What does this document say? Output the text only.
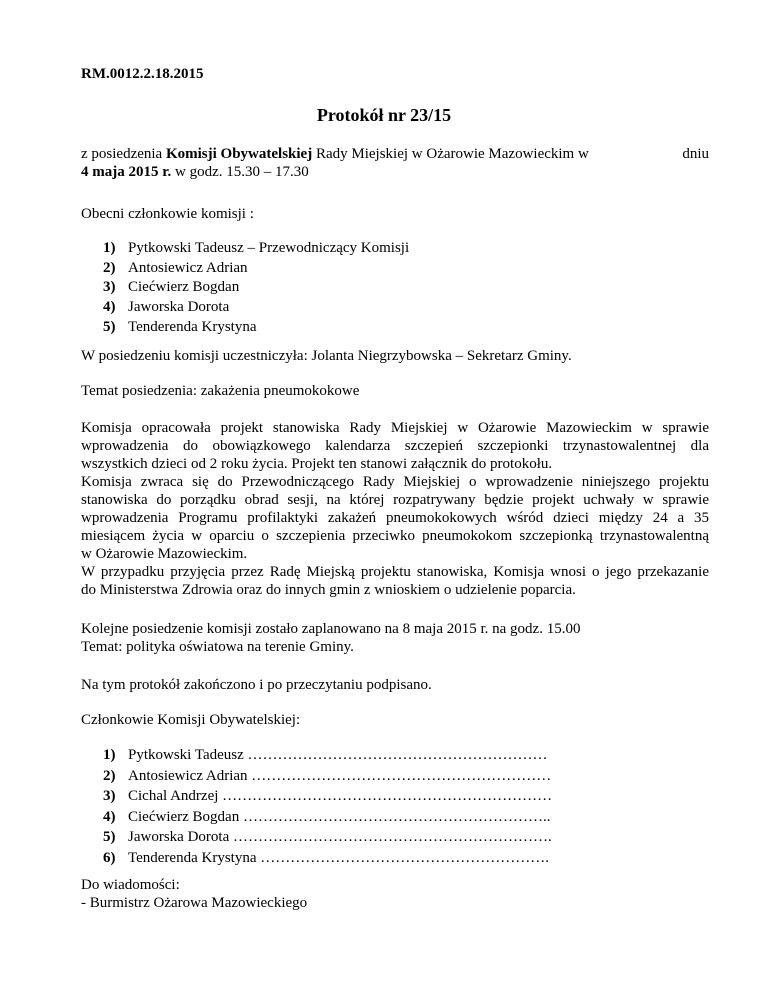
RM.0012.2.18.2015
Protokół nr 23/15
z posiedzenia Komisji Obywatelskiej Rady Miejskiej w Ożarowie Mazowieckim w	dniu
4 maja 2015 r. w godz. 15.30 – 17.30
Obecni członkowie komisji :
1) Pytkowski Tadeusz – Przewodniczący Komisji
2) Antosiewicz Adrian
3) Ciećwierz Bogdan
4) Jaworska Dorota
5) Tenderenda Krystyna
W posiedzeniu komisji uczestniczyła: Jolanta Niegrzybowska – Sekretarz Gminy.
Temat posiedzenia: zakażenia pneumokokowe
Komisja opracowała projekt stanowiska Rady Miejskiej w Ożarowie Mazowieckim w sprawie
wprowadzenia do obowiązkowego kalendarza szczepień szczepionki trzynastowalentnej dla
wszystkich dzieci od 2 roku życia. Projekt ten stanowi załącznik do protokołu.
Komisja zwraca się do Przewodniczącego Rady Miejskiej o wprowadzenie niniejszego projektu
stanowiska do porządku obrad sesji, na której rozpatrywany będzie projekt uchwały w sprawie
wprowadzenia Programu profilaktyki zakażeń pneumokokowych wśród dzieci między 24 a 35
miesiącem życia w oparciu o szczepienia przeciwko pneumokokom szczepionką trzynastowalentną
w Ożarowie Mazowieckim.
W przypadku przyjęcia przez Radę Miejską projektu stanowiska, Komisja wnosi o jego przekazanie
do Ministerstwa Zdrowia oraz do innych gmin z wnioskiem o udzielenie poparcia.
Kolejne posiedzenie komisji zostało zaplanowano na 8 maja 2015 r. na godz. 15.00
Temat: polityka oświatowa na terenie Gminy.
Na tym protokół zakończono i po przeczytaniu podpisano.
Członkowie Komisji Obywatelskiej:
1) Pytkowski Tadeusz ……………………………………………………
2) Antosiewicz Adrian ……………………………………………………
3) Cichal Andrzej …………………………………………………………
4) Ciećwierz Bogdan ……………………………………………………..
5) Jaworska Dorota ……………………………………………………….
6) Tenderenda Krystyna ………………………………………………….
Do wiadomości:
- Burmistrz Ożarowa Mazowieckiego
